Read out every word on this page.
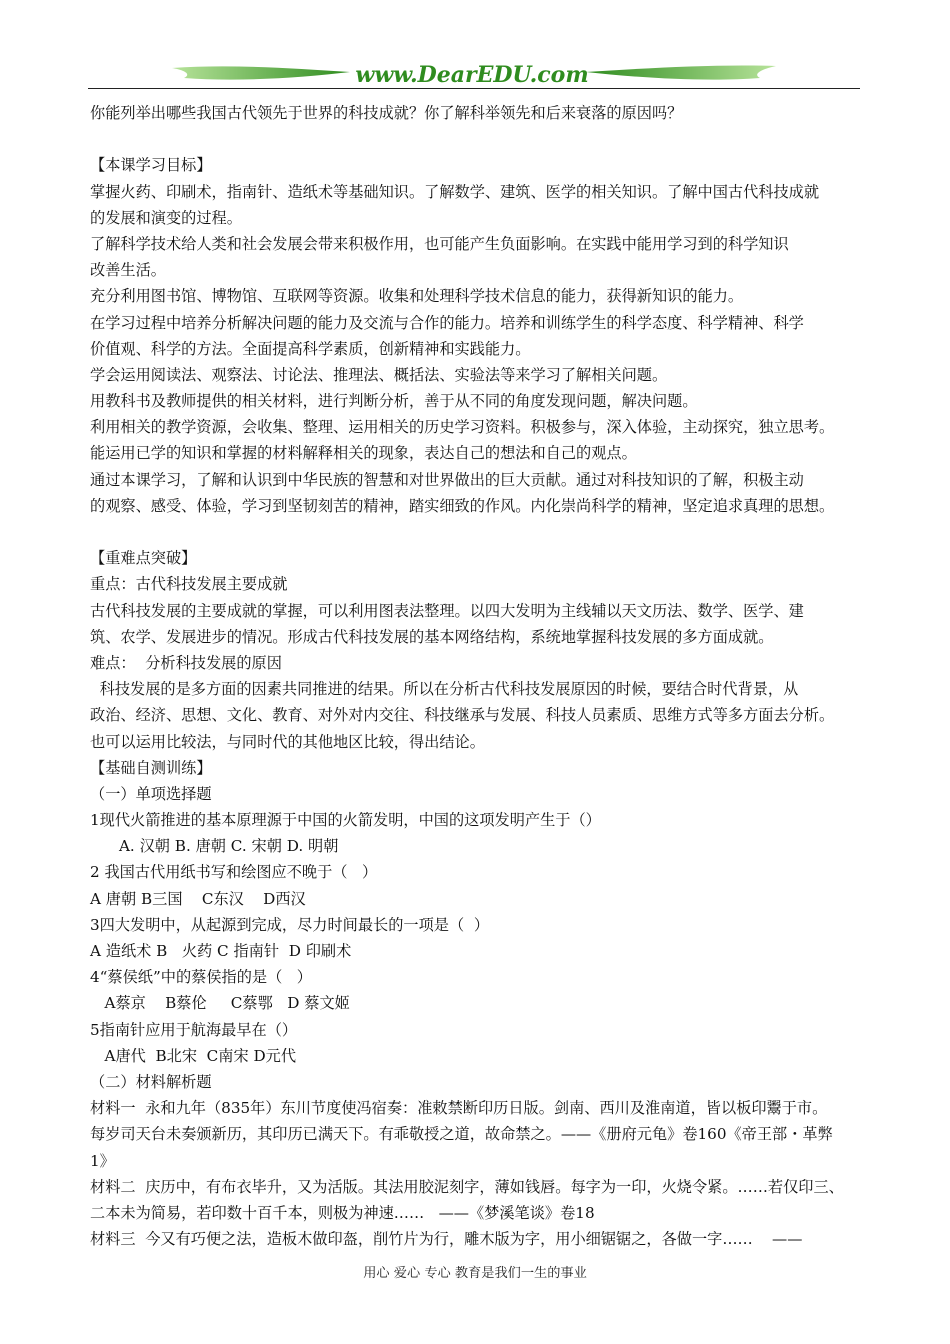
www.DearEDU.com
你能列举出哪些我国古代领先于世界的科技成就？你了解科举领先和后来衰落的原因吗？
【本课学习目标】
掌握火药、印刷术，指南针、造纸术等基础知识。了解数学、建筑、医学的相关知识。了解中国古代科技成就
的发展和演变的过程。
了解科学技术给人类和社会发展会带来积极作用，也可能产生负面影响。在实践中能用学习到的科学知识
改善生活。
充分利用图书馆、博物馆、互联网等资源。收集和处理科学技术信息的能力，获得新知识的能力。
在学习过程中培养分析解决问题的能力及交流与合作的能力。培养和训练学生的科学态度、科学精神、科学
价值观、科学的方法。全面提高科学素质，创新精神和实践能力。
学会运用阅读法、观察法、讨论法、推理法、概括法、实验法等来学习了解相关问题。
用教科书及教师提供的相关材料，进行判断分析，善于从不同的角度发现问题，解决问题。
利用相关的教学资源，会收集、整理、运用相关的历史学习资料。积极参与，深入体验，主动探究，独立思考。
能运用已学的知识和掌握的材料解释相关的现象，表达自己的想法和自己的观点。
通过本课学习，了解和认识到中华民族的智慧和对世界做出的巨大贡献。通过对科技知识的了解，积极主动
的观察、感受、体验，学习到坚韧刻苦的精神，踏实细致的作风。内化崇尚科学的精神，坚定追求真理的思想。
【重难点突破】
重点：古代科技发展主要成就
古代科技发展的主要成就的掌握，可以利用图表法整理。以四大发明为主线辅以天文历法、数学、医学、建
筑、农学、发展进步的情况。形成古代科技发展的基本网络结构，系统地掌握科技发展的多方面成就。
难点：  分析科技发展的原因
科技发展的是多方面的因素共同推进的结果。所以在分析古代科技发展原因的时候，要结合时代背景，从
政治、经济、思想、文化、教育、对外对内交往、科技继承与发展、科技人员素质、思维方式等多方面去分析。
也可以运用比较法，与同时代的其他地区比较，得出结论。
【基础自测训练】
（一）单项选择题
1现代火箭推进的基本原理源于中国的火箭发明，中国的这项发明产生于（）
A. 汉朝 B. 唐朝 C. 宋朝 D. 明朝
2 我国古代用纸书写和绘图应不晚于（   ）
A 唐朝 B三国    C东汉    D西汉
3四大发明中，从起源到完成，尽力时间最长的一项是（  ）
A 造纸术 B   火药 C 指南针  D 印刷术
4“蔡侯纸”中的蔡侯指的是（   ）
A蔡京    B蔡伦     C蔡鄂   D 蔡文姬
5指南针应用于航海最早在（）
A唐代  B北宋  C南宋 D元代
（二）材料解析题
材料一  永和九年（835年）东川节度使冯宿奏：准敕禁断印历日版。剑南、西川及淮南道，皆以板印鬻于市。
每岁司天台未奏颁新历，其印历已满天下。有乖敬授之道，故命禁之。——《册府元龟》卷160《帝王部・革弊
1》
材料二  庆历中，有布衣毕升，又为活版。其法用胶泥刻字，薄如钱唇。每字为一印，火烧令紧。……若仅印三、
二本未为简易，若印数十百千本，则极为神速……   ——《梦溪笔谈》卷18
材料三  今又有巧便之法，造板木做印盔，削竹片为行，雕木版为字，用小细锯锯之，各做一字……    ——
用心 爱心 专心 教育是我们一生的事业
